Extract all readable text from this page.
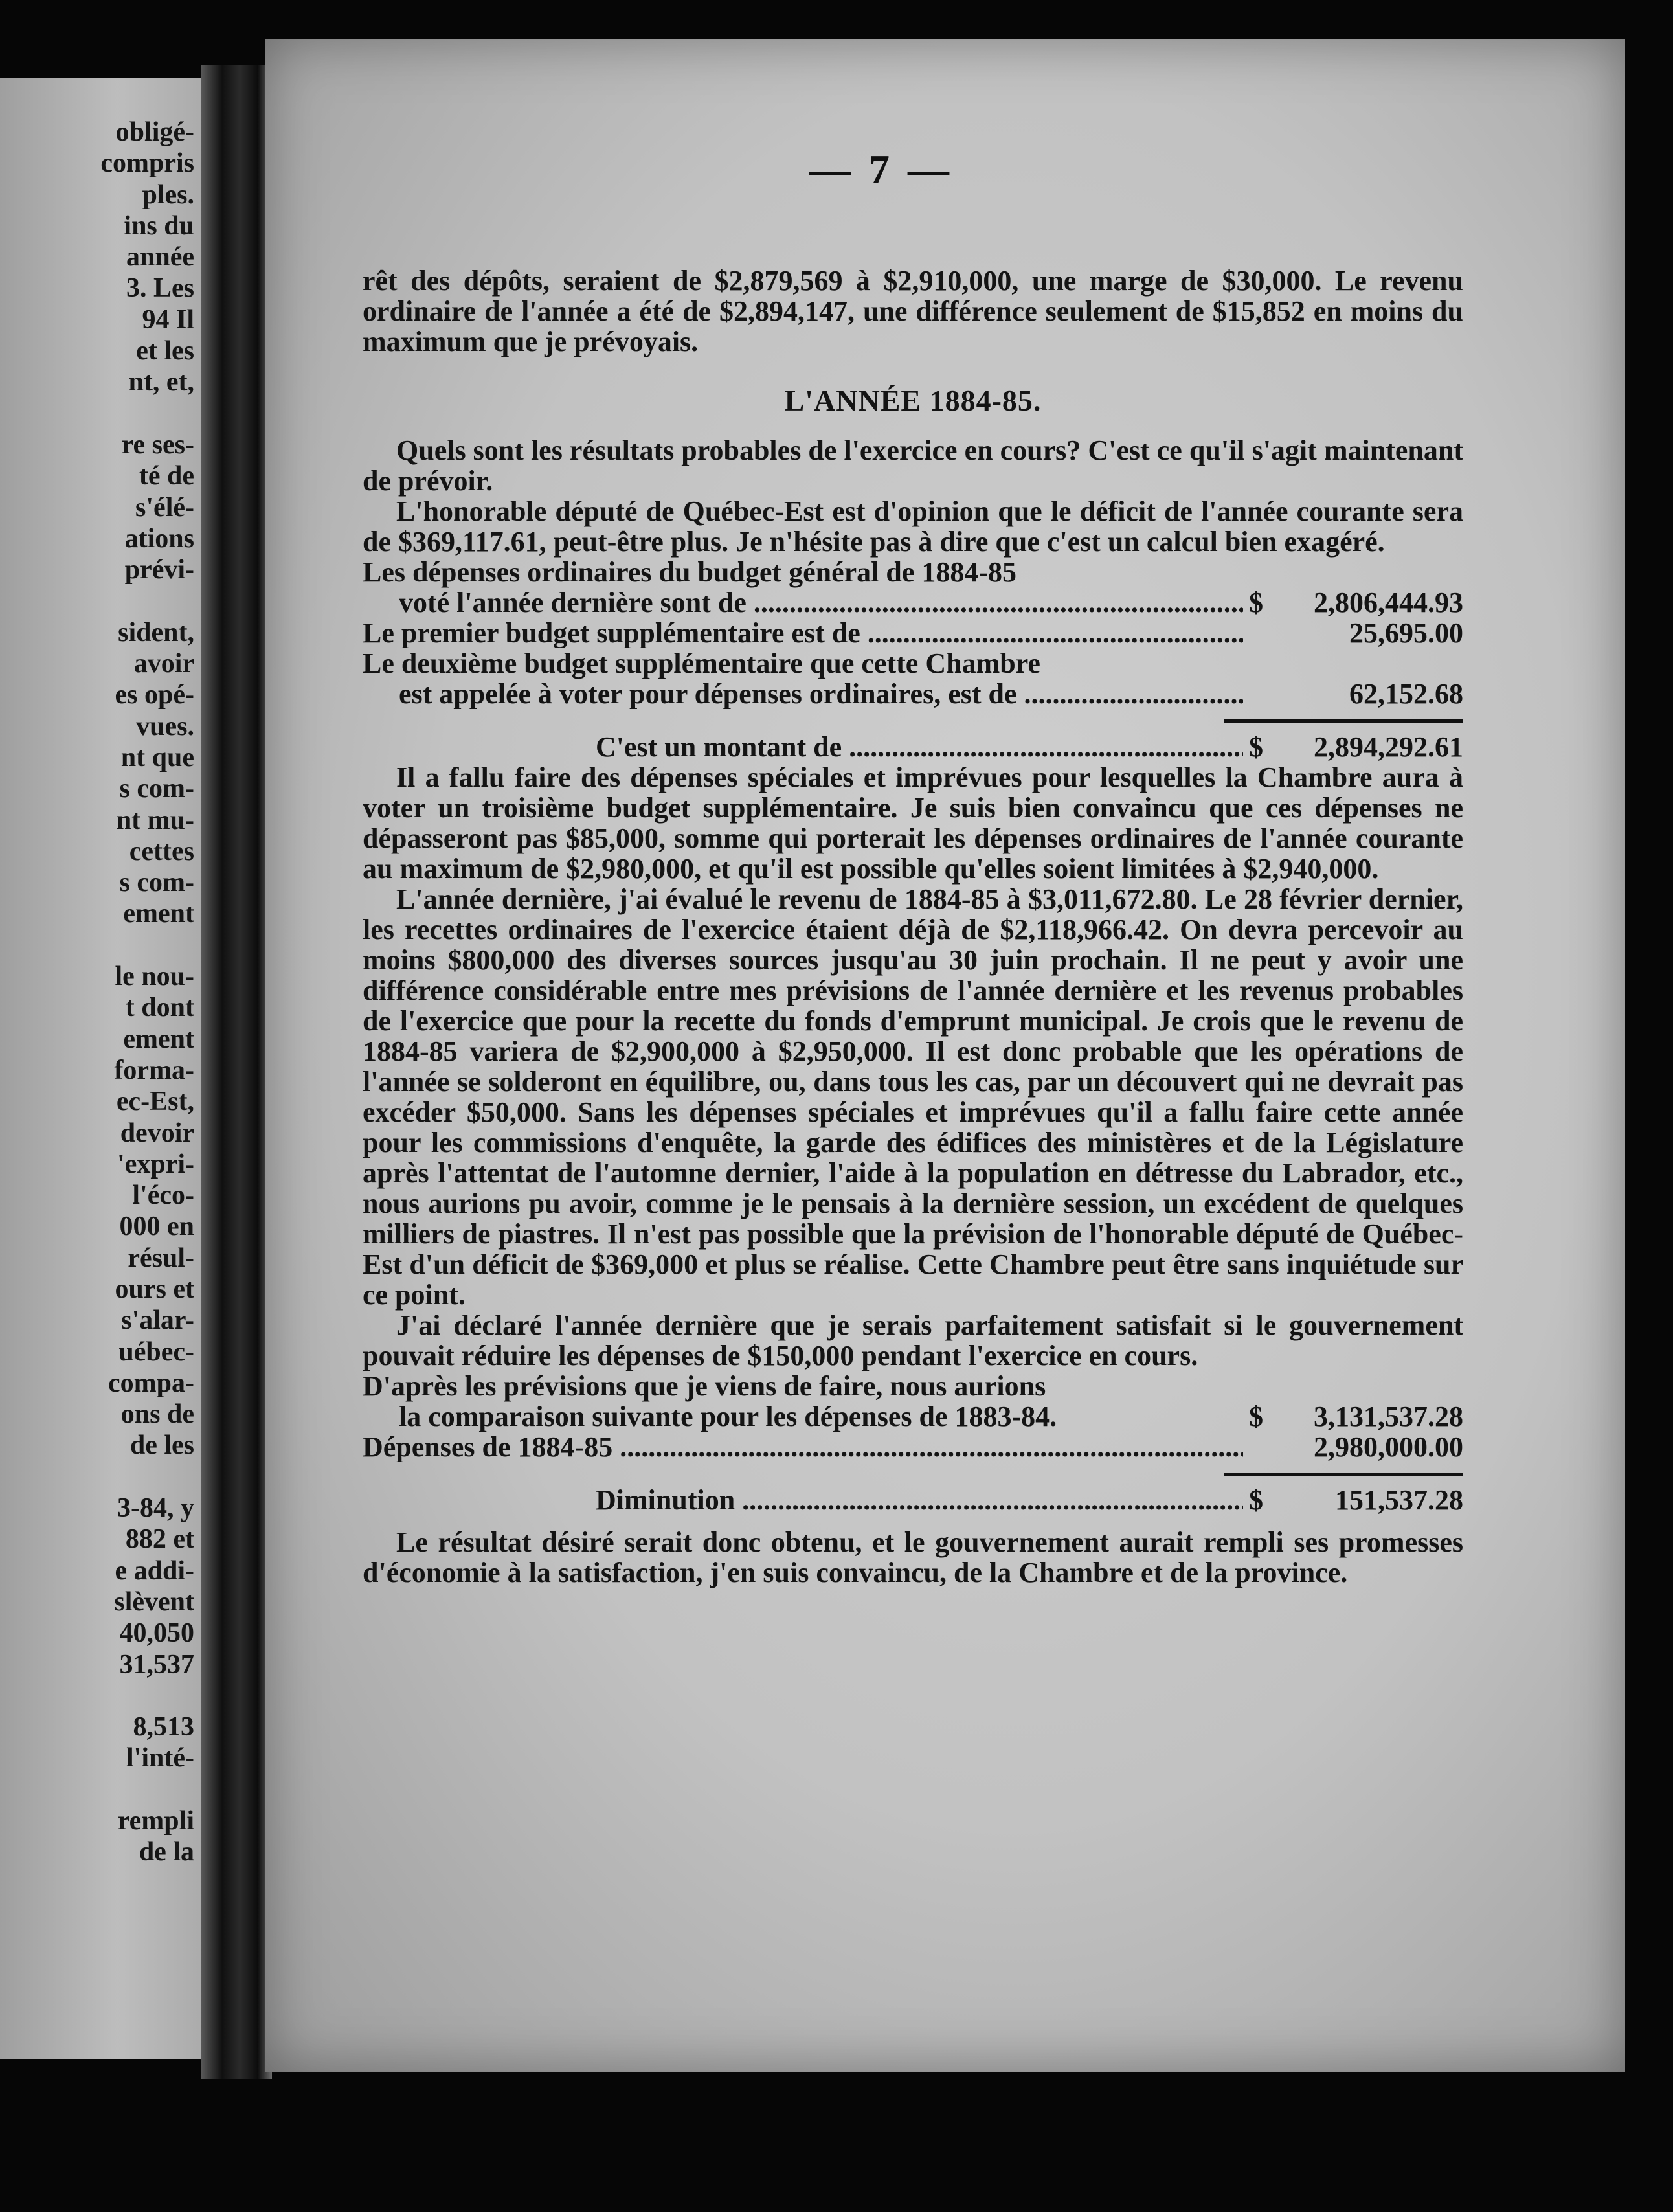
obligé-
compris
ples.
ins du
année
3. Les
94 Il
et les
nt, et,

re ses-
té de
s'élé-
ations
prévi-

sident,
avoir
es opé-
vues.
nt que
s com-
nt mu-
cettes
s com-
ement

le nou-
t dont
ement
forma-
ec-Est,
devoir
'expri-
l'éco-
000 en
résul-
ours et
s'alar-
uébec-
compa-
ons de
de les

3-84, y
882 et
e addi-
slèvent
40,050
31,537

8,513
l'inté-

rempli
de la
— 7 —

rêt des dépôts, seraient de $2,879,569 à $2,910,000, une marge de $30,000. Le revenu ordinaire de l'année a été de $2,894,147, une différence seulement de $15,852 en moins du maximum que je prévoyais.

L'ANNÉE 1884-85.

Quels sont les résultats probables de l'exercice en cours? C'est ce qu'il s'agit maintenant de prévoir.

L'honorable député de Québec-Est est d'opinion que le déficit de l'année courante sera de $369,117.61, peut-être plus. Je n'hésite pas à dire que c'est un calcul bien exagéré.

Les dépenses ordinaires du budget général de 1884-85
voté l'année dernière sont de .....	$	2,806,444.93
Le premier budget supplémentaire est de .....	25,695.00
Le deuxième budget supplémentaire que cette Chambre
est appelée à voter pour dépenses ordinaires, est de .....	62,152.68
C'est un montant de .....	$	2,894,292.61

Il a fallu faire des dépenses spéciales et imprévues pour lesquelles la Chambre aura à voter un troisième budget supplémentaire. Je suis bien convaincu que ces dépenses ne dépasseront pas $85,000, somme qui porterait les dépenses ordinaires de l'année courante au maximum de $2,980,000, et qu'il est possible qu'elles soient limitées à $2,940,000.

L'année dernière, j'ai évalué le revenu de 1884-85 à $3,011,672.80. Le 28 février dernier, les recettes ordinaires de l'exercice étaient déjà de $2,118,966.42. On devra percevoir au moins $800,000 des diverses sources jusqu'au 30 juin prochain. Il ne peut y avoir une différence considérable entre mes prévisions de l'année dernière et les revenus probables de l'exercice que pour la recette du fonds d'emprunt municipal. Je crois que le revenu de 1884-85 variera de $2,900,000 à $2,950,000. Il est donc probable que les opérations de l'année se solderont en équilibre, ou, dans tous les cas, par un découvert qui ne devrait pas excéder $50,000. Sans les dépenses spéciales et imprévues qu'il a fallu faire cette année pour les commissions d'enquête, la garde des édifices des ministères et de la Législature après l'attentat de l'automne dernier, l'aide à la population en détresse du Labrador, etc., nous aurions pu avoir, comme je le pensais à la dernière session, un excédent de quelques milliers de piastres. Il n'est pas possible que la prévision de l'honorable député de Québec-Est d'un déficit de $369,000 et plus se réalise. Cette Chambre peut être sans inquiétude sur ce point.

J'ai déclaré l'année dernière que je serais parfaitement satisfait si le gouvernement pouvait réduire les dépenses de $150,000 pendant l'exercice en cours.

D'après les prévisions que je viens de faire, nous aurions
la comparaison suivante pour les dépenses de 1883-84.	$	3,131,537.28
Dépenses de 1884-85 .....	2,980,000.00
Diminution .....	$	151,537.28

Le résultat désiré serait donc obtenu, et le gouvernement aurait rempli ses promesses d'économie à la satisfaction, j'en suis convaincu, de la Chambre et de la province.
